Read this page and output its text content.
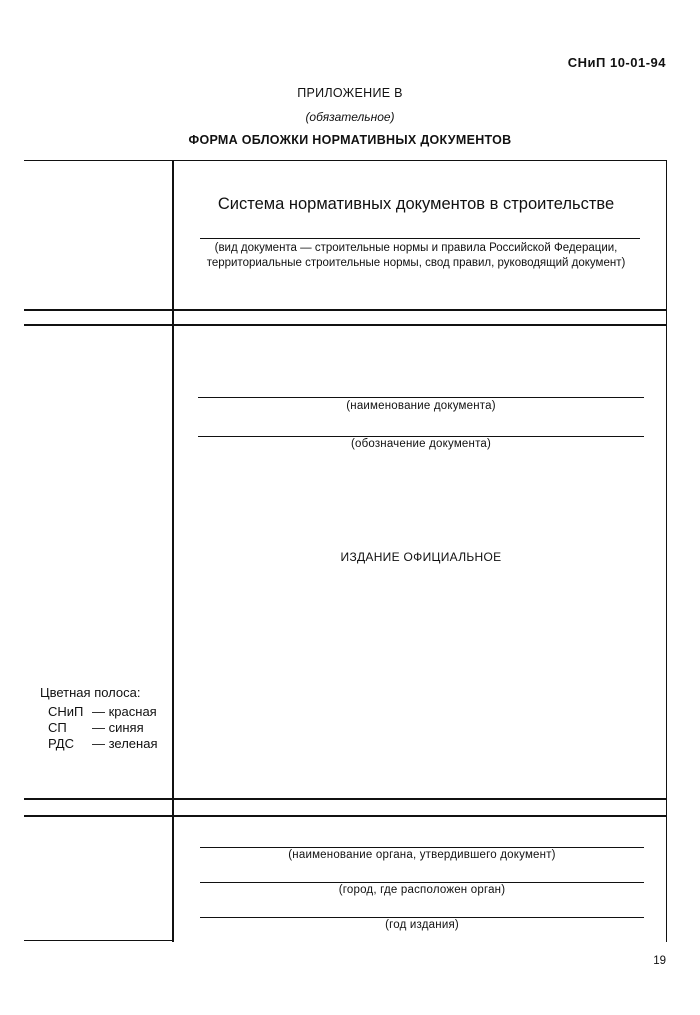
СНиП 10-01-94
ПРИЛОЖЕНИЕ В
(обязательное)
ФОРМА ОБЛОЖКИ НОРМАТИВНЫХ ДОКУМЕНТОВ
Система нормативных документов в строительстве
(вид документа — строительные нормы и правила Российской Федерации,
территориальные строительные нормы, свод правил, руководящий документ)
(наименование документа)
(обозначение документа)
ИЗДАНИЕ ОФИЦИАЛЬНОЕ
Цветная полоса:
СНиП — красная
СП	— синяя
РДС	— зеленая
(наименование органа, утвердившего документ)
(город, где расположен орган)
(год издания)
19
